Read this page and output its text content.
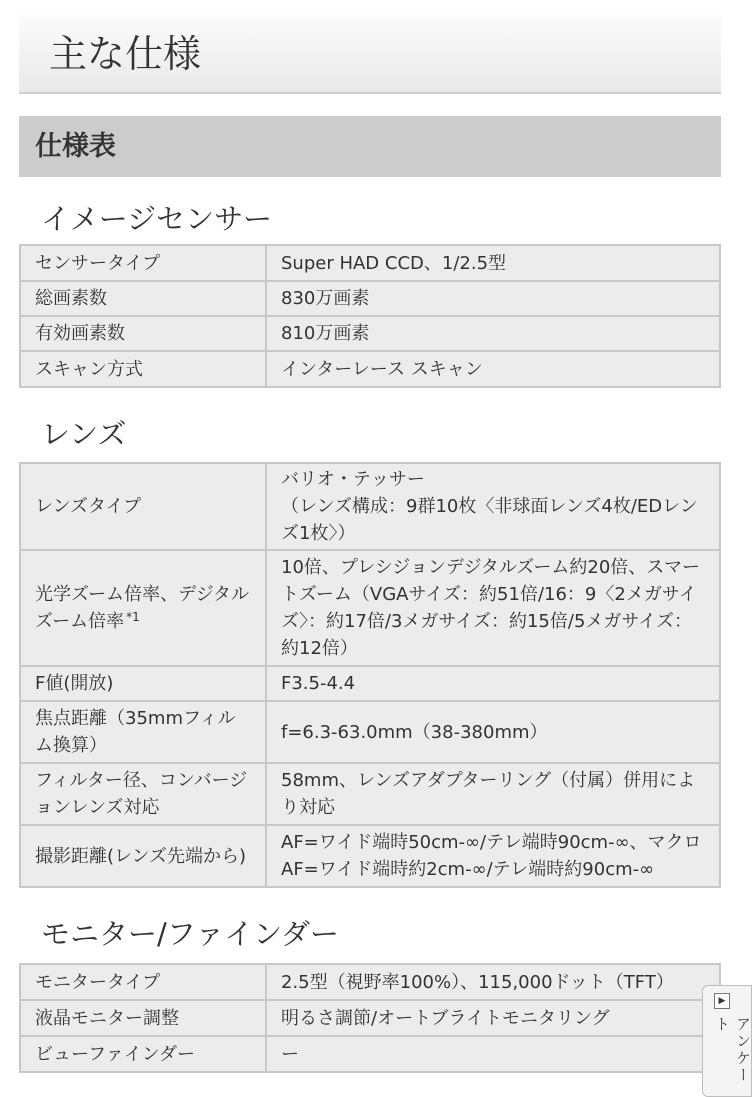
主な仕様
仕様表
イメージセンサー
センサータイプ	Super HAD CCD、1/2.5型
総画素数	830万画素
有効画素数	810万画素
スキャン方式	インターレース スキャン
レンズ
レンズタイプ	バリオ・テッサー
（レンズ構成：9群10枚〈非球面レンズ4枚/EDレンズ1枚〉）
光学ズーム倍率、デジタルズーム倍率 $^{*1}$	10倍、プレシジョンデジタルズーム約20倍、スマートズーム（VGAサイズ：約51倍/16：9〈2メガサイズ〉：約17倍/3メガサイズ：約15倍/5メガサイズ：約12倍）
F値(開放)	F3.5-4.4
焦点距離（35mmフィルム換算）	f=6.3-63.0mm（38-380mm）
フィルター径、コンバージョンレンズ対応	58mm、レンズアダプターリング（付属）併用により対応
撮影距離(レンズ先端から)	AF=ワイド端時50cm-∞/テレ端時90cm-∞、マクロAF=ワイド端時約2cm-∞/テレ端時約90cm-∞
モニター/ファインダー
モニタータイプ	2.5型（視野率100%）、115,000ドット（TFT）
液晶モニター調整	明るさ調節/オートブライトモニタリング
ビューファインダー	ー
▶
アンケート
